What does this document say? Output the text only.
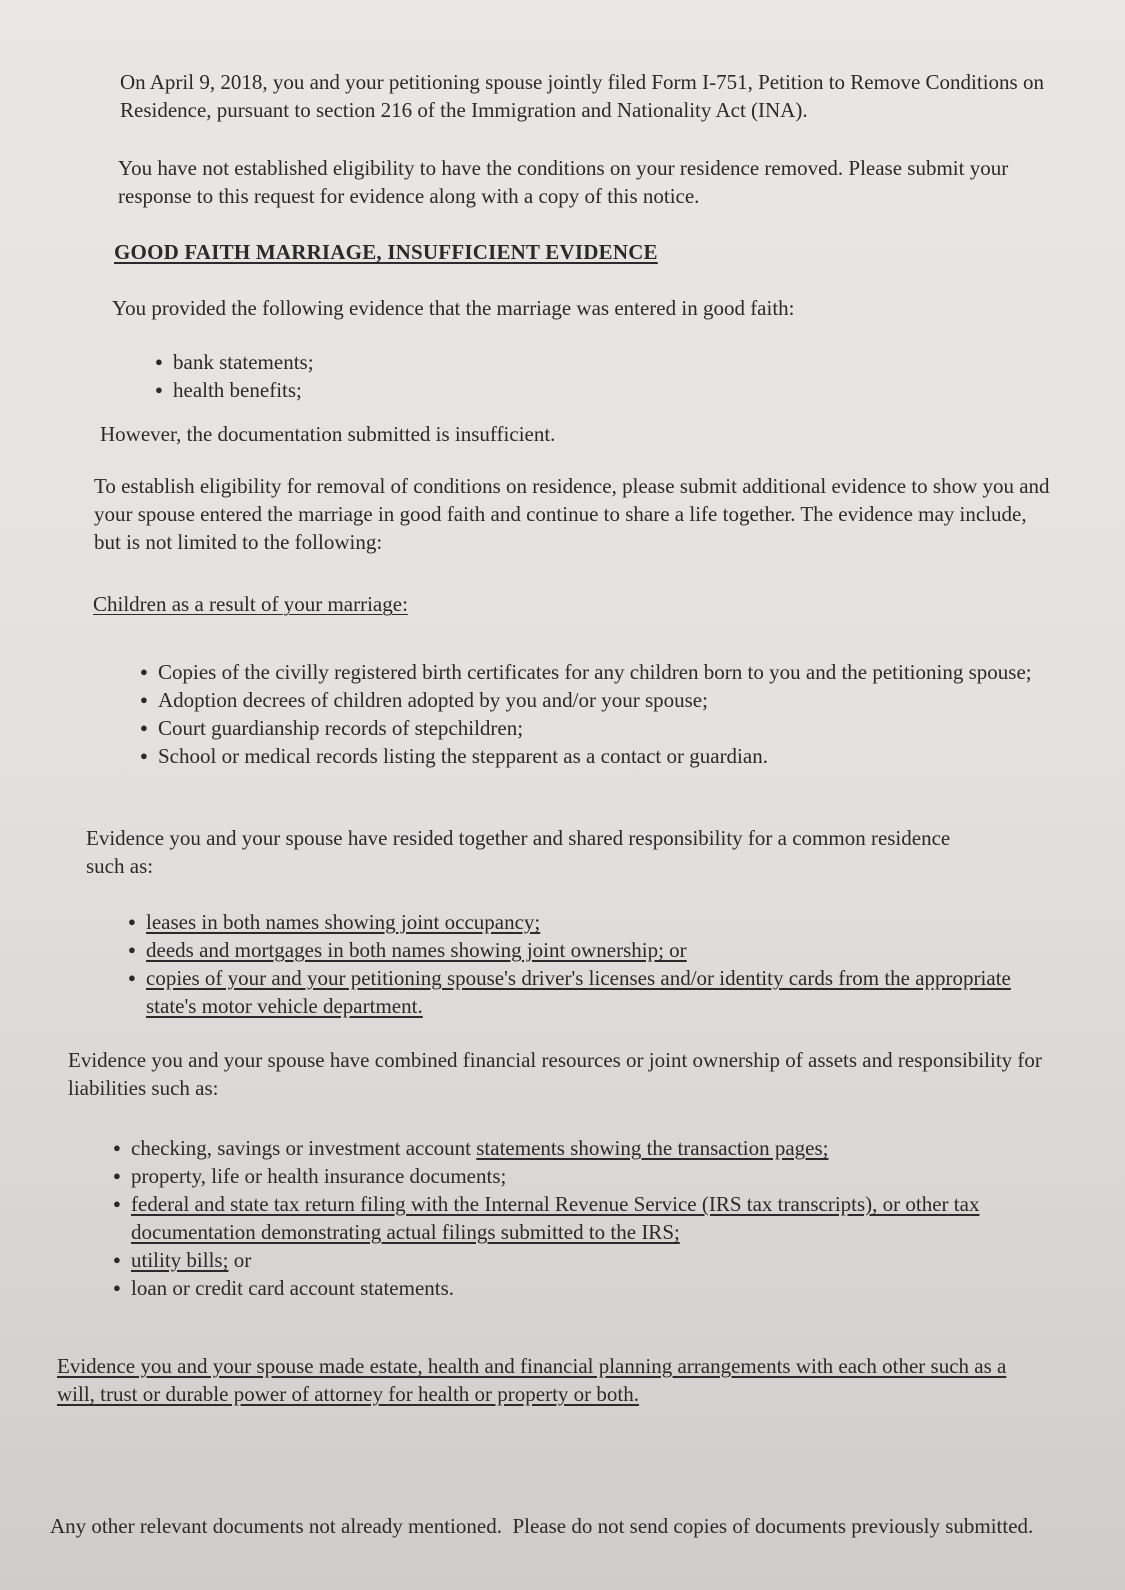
On April 9, 2018, you and your petitioning spouse jointly filed Form I-751, Petition to Remove Conditions on Residence, pursuant to section 216 of the Immigration and Nationality Act (INA).

You have not established eligibility to have the conditions on your residence removed. Please submit your response to this request for evidence along with a copy of this notice.

GOOD FAITH MARRIAGE, INSUFFICIENT EVIDENCE

You provided the following evidence that the marriage was entered in good faith:

● bank statements;
● health benefits;

However, the documentation submitted is insufficient.

To establish eligibility for removal of conditions on residence, please submit additional evidence to show you and your spouse entered the marriage in good faith and continue to share a life together. The evidence may include, but is not limited to the following:

Children as a result of your marriage:

● Copies of the civilly registered birth certificates for any children born to you and the petitioning spouse;
● Adoption decrees of children adopted by you and/or your spouse;
● Court guardianship records of stepchildren;
● School or medical records listing the stepparent as a contact or guardian.

Evidence you and your spouse have resided together and shared responsibility for a common residence such as:

● leases in both names showing joint occupancy;
● deeds and mortgages in both names showing joint ownership; or
● copies of your and your petitioning spouse's driver's licenses and/or identity cards from the appropriate state's motor vehicle department.

Evidence you and your spouse have combined financial resources or joint ownership of assets and responsibility for liabilities such as:

● checking, savings or investment account statements showing the transaction pages;
● property, life or health insurance documents;
● federal and state tax return filing with the Internal Revenue Service (IRS tax transcripts), or other tax documentation demonstrating actual filings submitted to the IRS;
● utility bills; or
● loan or credit card account statements.

Evidence you and your spouse made estate, health and financial planning arrangements with each other such as a will, trust or durable power of attorney for health or property or both.

Any other relevant documents not already mentioned.  Please do not send copies of documents previously submitted.
